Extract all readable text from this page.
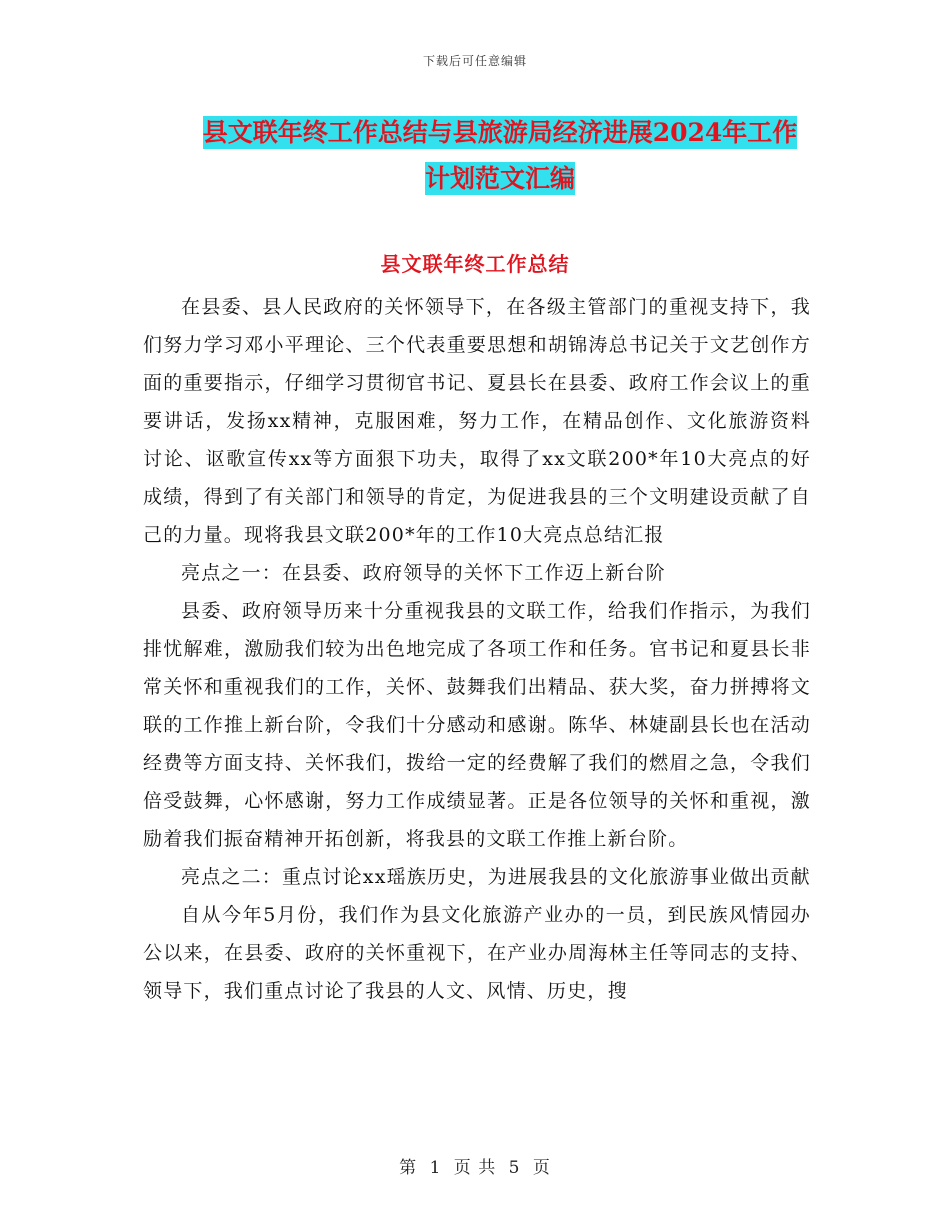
下载后可任意编辑
县文联年终工作总结与县旅游局经济进展2024年工作
计划范文汇编
县文联年终工作总结

在县委、县人民政府的关怀领导下，在各级主管部门的重视支持下，我们努力学习邓小平理论、三个代表重要思想和胡锦涛总书记关于文艺创作方面的重要指示，仔细学习贯彻官书记、夏县长在县委、政府工作会议上的重要讲话，发扬xx精神，克服困难，努力工作，在精品创作、文化旅游资料讨论、讴歌宣传xx等方面狠下功夫，取得了xx文联200*年10大亮点的好成绩，得到了有关部门和领导的肯定，为促进我县的三个文明建设贡献了自己的力量。现将我县文联200*年的工作10大亮点总结汇报

亮点之一：在县委、政府领导的关怀下工作迈上新台阶

县委、政府领导历来十分重视我县的文联工作，给我们作指示，为我们排忧解难，激励我们较为出色地完成了各项工作和任务。官书记和夏县长非常关怀和重视我们的工作，关怀、鼓舞我们出精品、获大奖，奋力拼搏将文联的工作推上新台阶，令我们十分感动和感谢。陈华、林婕副县长也在活动经费等方面支持、关怀我们，拨给一定的经费解了我们的燃眉之急，令我们倍受鼓舞，心怀感谢，努力工作成绩显著。正是各位领导的关怀和重视，激励着我们振奋精神开拓创新，将我县的文联工作推上新台阶。

亮点之二：重点讨论xx瑶族历史，为进展我县的文化旅游事业做出贡献

自从今年5月份，我们作为县文化旅游产业办的一员，到民族风情园办公以来，在县委、政府的关怀重视下，在产业办周海林主任等同志的支持、领导下，我们重点讨论了我县的人文、风情、历史，搜

第 1 页 共 5 页
